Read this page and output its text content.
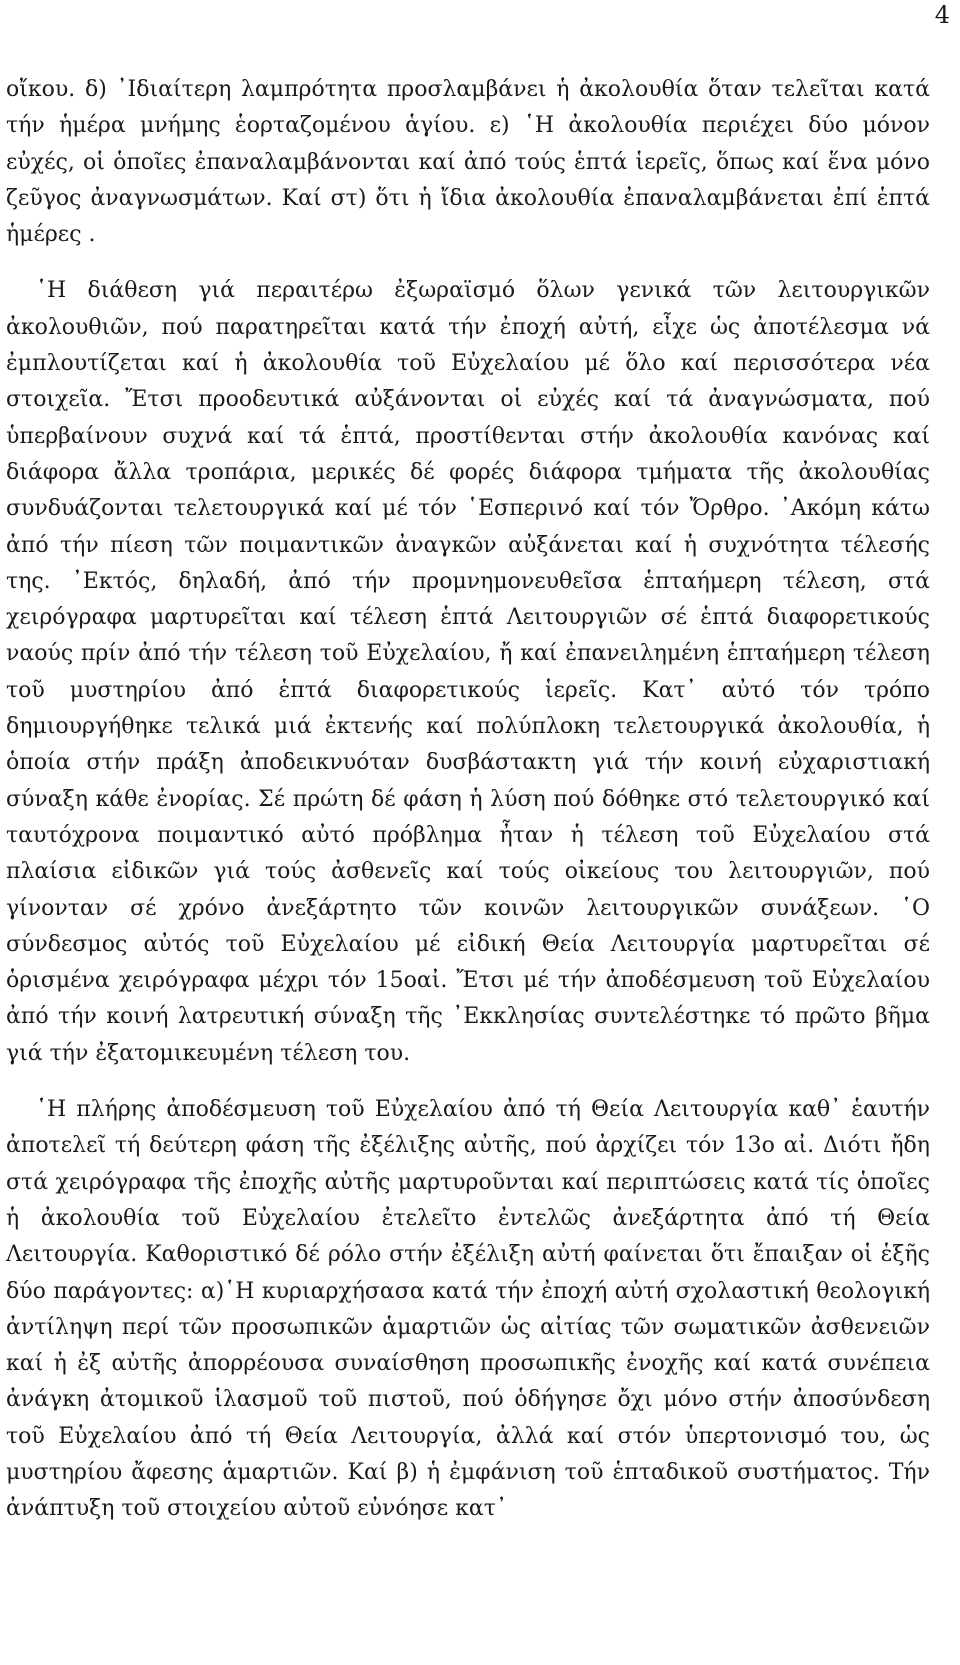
4

οἴκου. δ) ᾿Ιδιαίτερη λαμπρότητα προσλαμβάνει ἡ ἀκολουθία ὅταν τελεῖται κατά τήν ἡμέρα μνήμης ἑορταζομένου ἁγίου. ε) ῾Η ἀκολουθία περιέχει δύο μόνον εὐχές, οἱ ὁποῖες ἐπαναλαμβάνονται καί ἀπό τούς ἑπτά ἱερεῖς, ὅπως καί ἕνα μόνο ζεῦγος ἀναγνωσμάτων. Καί στ) ὅτι ἡ ἴδια ἀκολουθία ἐπαναλαμβάνεται ἐπί ἑπτά ἡμέρες .

῾Η διάθεση γιά περαιτέρω ἐξωραϊσμό ὅλων γενικά τῶν λειτουργικῶν ἀκολουθιῶν, πού παρατηρεῖται κατά τήν ἐποχή αὐτή, εἶχε ὡς ἀποτέλεσμα νά ἐμπλουτίζεται καί ἡ ἀκολουθία τοῦ Εὐχελαίου μέ ὅλο καί περισσότερα νέα στοιχεῖα. Ἔτσι προοδευτικά αὐξάνονται οἱ εὐχές καί τά ἀναγνώσματα, πού ὑπερβαίνουν συχνά καί τά ἑπτά, προστίθενται στήν ἀκολουθία κανόνας καί διάφορα ἄλλα τροπάρια, μερικές δέ φορές διάφορα τμήματα τῆς ἀκολουθίας συνδυάζονται τελετουργικά καί μέ τόν ῾Εσπερινό καί τόν Ὄρθρο. ᾿Ακόμη κάτω ἀπό τήν πίεση τῶν ποιμαντικῶν ἀναγκῶν αὐξάνεται καί ἡ συχνότητα τέλεσής της. ᾿Εκτός, δηλαδή, ἀπό τήν προμνημονευθεῖσα ἑπταήμερη τέλεση, στά χειρόγραφα μαρτυρεῖται καί τέλεση ἑπτά Λειτουργιῶν σέ ἑπτά διαφορετικούς ναούς πρίν ἀπό τήν τέλεση τοῦ Εὐχελαίου, ἤ καί ἐπανειλημένη ἑπταήμερη τέλεση τοῦ μυστηρίου ἀπό ἑπτά διαφορετικούς ἱερεῖς. Κατ᾿ αὐτό τόν τρόπο δημιουργήθηκε τελικά μιά ἐκτενής καί πολύπλοκη τελετουργικά ἀκολουθία, ἡ ὁποία στήν πράξη ἀποδεικνυόταν δυσβάστακτη γιά τήν κοινή εὐχαριστιακή σύναξη κάθε ἐνορίας. Σέ πρώτη δέ φάση ἡ λύση πού δόθηκε στό τελετουργικό καί ταυτόχρονα ποιμαντικό αὐτό πρόβλημα ἦταν ἡ τέλεση τοῦ Εὐχελαίου στά πλαίσια εἰδικῶν γιά τούς ἀσθενεῖς καί τούς οἰκείους του λειτουργιῶν, πού γίνονταν σέ χρόνο ἀνεξάρτητο τῶν κοινῶν λειτουργικῶν συνάξεων. ῾Ο σύνδεσμος αὐτός τοῦ Εὐχελαίου μέ εἰδική Θεία Λειτουργία μαρτυρεῖται σέ ὁρισμένα χειρόγραφα μέχρι τόν 15οαἰ. Ἔτσι μέ τήν ἀποδέσμευση τοῦ Εὐχελαίου ἀπό τήν κοινή λατρευτική σύναξη τῆς ᾿Εκκλησίας συντελέστηκε τό πρῶτο βῆμα γιά τήν ἐξατομικευμένη τέλεση του.

῾Η πλήρης ἀποδέσμευση τοῦ Εὐχελαίου ἀπό τή Θεία Λειτουργία καθ᾿ ἑαυτήν ἀποτελεῖ τή δεύτερη φάση τῆς ἐξέλιξης αὐτῆς, πού ἀρχίζει τόν 13ο αἰ. Διότι ἤδη στά χειρόγραφα τῆς ἐποχῆς αὐτῆς μαρτυροῦνται καί περιπτώσεις κατά τίς ὁποῖες ἡ ἀκολουθία τοῦ Εὐχελαίου ἐτελεῖτο ἐντελῶς ἀνεξάρτητα ἀπό τή Θεία Λειτουργία. Καθοριστικό δέ ρόλο στήν ἐξέλιξη αὐτή φαίνεται ὅτι ἔπαιξαν οἱ ἑξῆς δύο παράγοντες: α)῾Η κυριαρχήσασα κατά τήν ἐποχή αὐτή σχολαστική θεολογική ἀντίληψη περί τῶν προσωπικῶν ἁμαρτιῶν ὡς αἰτίας τῶν σωματικῶν ἀσθενειῶν καί ἡ ἐξ αὐτῆς ἀπορρέουσα συναίσθηση προσωπικῆς ἐνοχῆς καί κατά συνέπεια ἀνάγκη ἀτομικοῦ ἱλασμοῦ τοῦ πιστοῦ, πού ὁδήγησε ὄχι μόνο στήν ἀποσύνδεση τοῦ Εὐχελαίου ἀπό τή Θεία Λειτουργία, ἀλλά καί στόν ὑπερτονισμό του, ὡς μυστηρίου ἄφεσης ἁμαρτιῶν. Καί β) ἡ ἐμφάνιση τοῦ ἑπταδικοῦ συστήματος. Τήν ἀνάπτυξη τοῦ στοιχείου αὐτοῦ εὐνόησε κατ᾿
